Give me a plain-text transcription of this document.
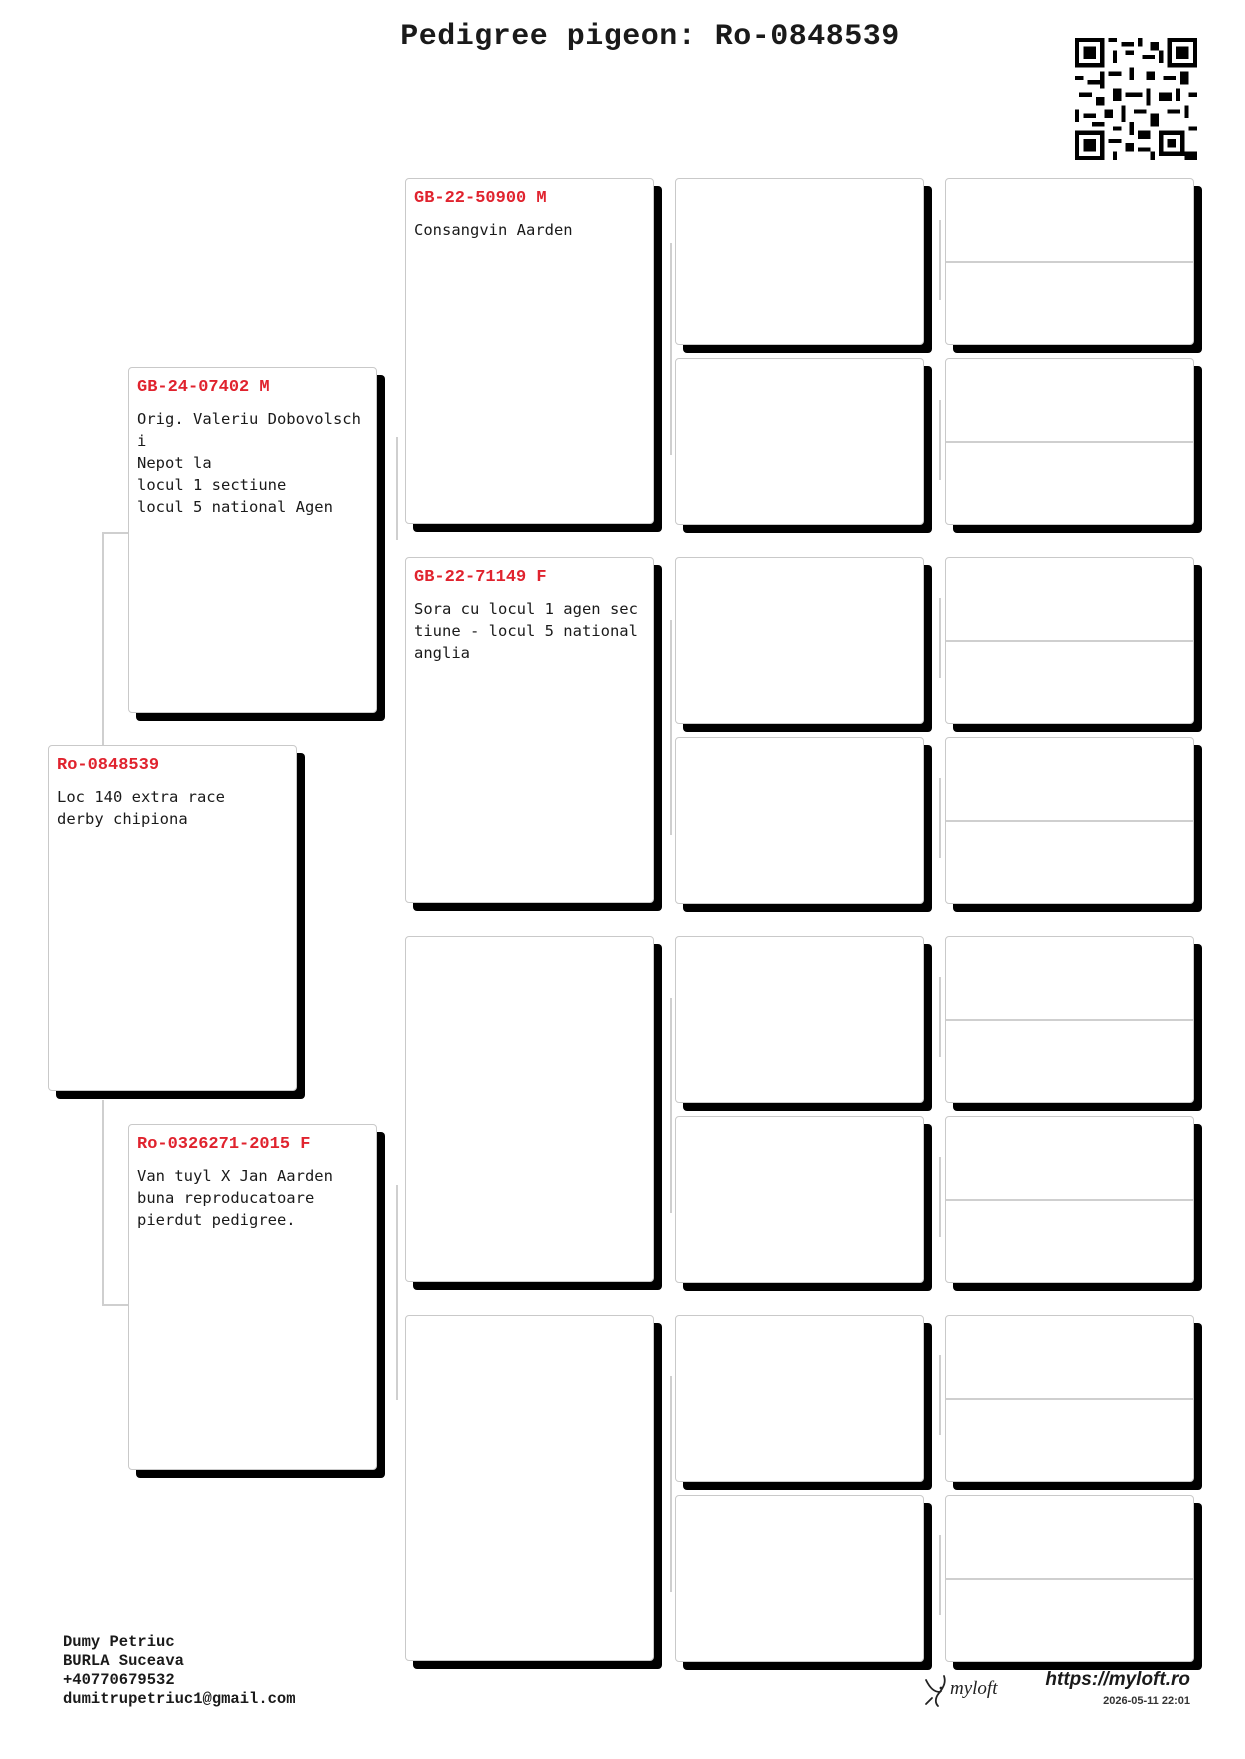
Pedigree pigeon: Ro-0848539
Ro-0848539
Loc 140 extra race
derby chipiona
GB-24-07402 M
Orig. Valeriu Dobovolschi
Nepot la
locul 1 sectiune
locul 5 national Agen
Ro-0326271-2015 F
Van tuyl X Jan Aarden
buna reproducatoare
pierdut pedigree.
GB-22-50900 M
Consangvin Aarden
GB-22-71149 F
Sora cu locul 1 agen sectiune - locul 5 national anglia
Dumy Petriuc
BURLA Suceava
+40770679532
dumitrupetriuc1@gmail.com	myloft	https://myloft.ro
2026-05-11 22:01
